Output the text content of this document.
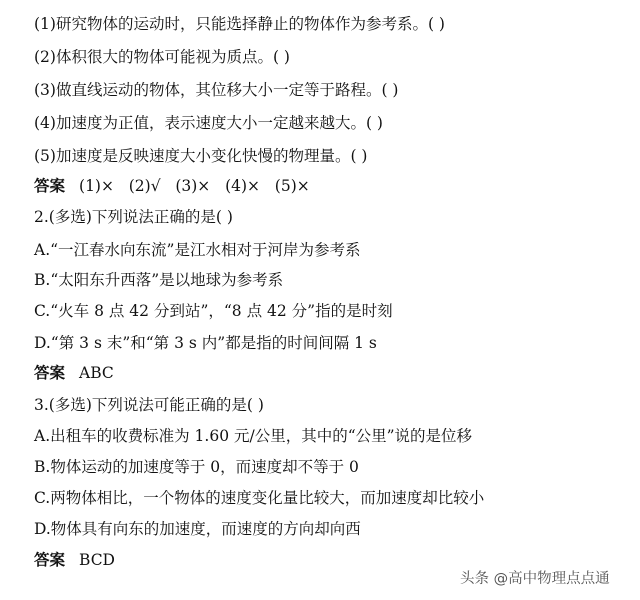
(1)研究物体的运动时，只能选择静止的物体作为参考系。( )
(2)体积很大的物体可能视为质点。( )
(3)做直线运动的物体，其位移大小一定等于路程。( )
(4)加速度为正值，表示速度大小一定越来越大。( )
(5)加速度是反映速度大小变化快慢的物理量。( )
答案 (1)×   (2)√   (3)×   (4)×   (5)×
2.(多选)下列说法正确的是( )
A.“一江春水向东流”是江水相对于河岸为参考系
B.“太阳东升西落”是以地球为参考系
C.“火车 8 点 42 分到站”，“8 点 42 分”指的是时刻
D.“第 3 s 末”和“第 3 s 内”都是指的时间间隔 1 s
答案 ABC
3.(多选)下列说法可能正确的是( )
A.出租车的收费标准为 1.60 元/公里，其中的“公里”说的是位移
B.物体运动的加速度等于 0，而速度却不等于 0
C.两物体相比，一个物体的速度变化量比较大，而加速度却比较小
D.物体具有向东的加速度，而速度的方向却向西
答案 BCD
头条 @高中物理点点通
